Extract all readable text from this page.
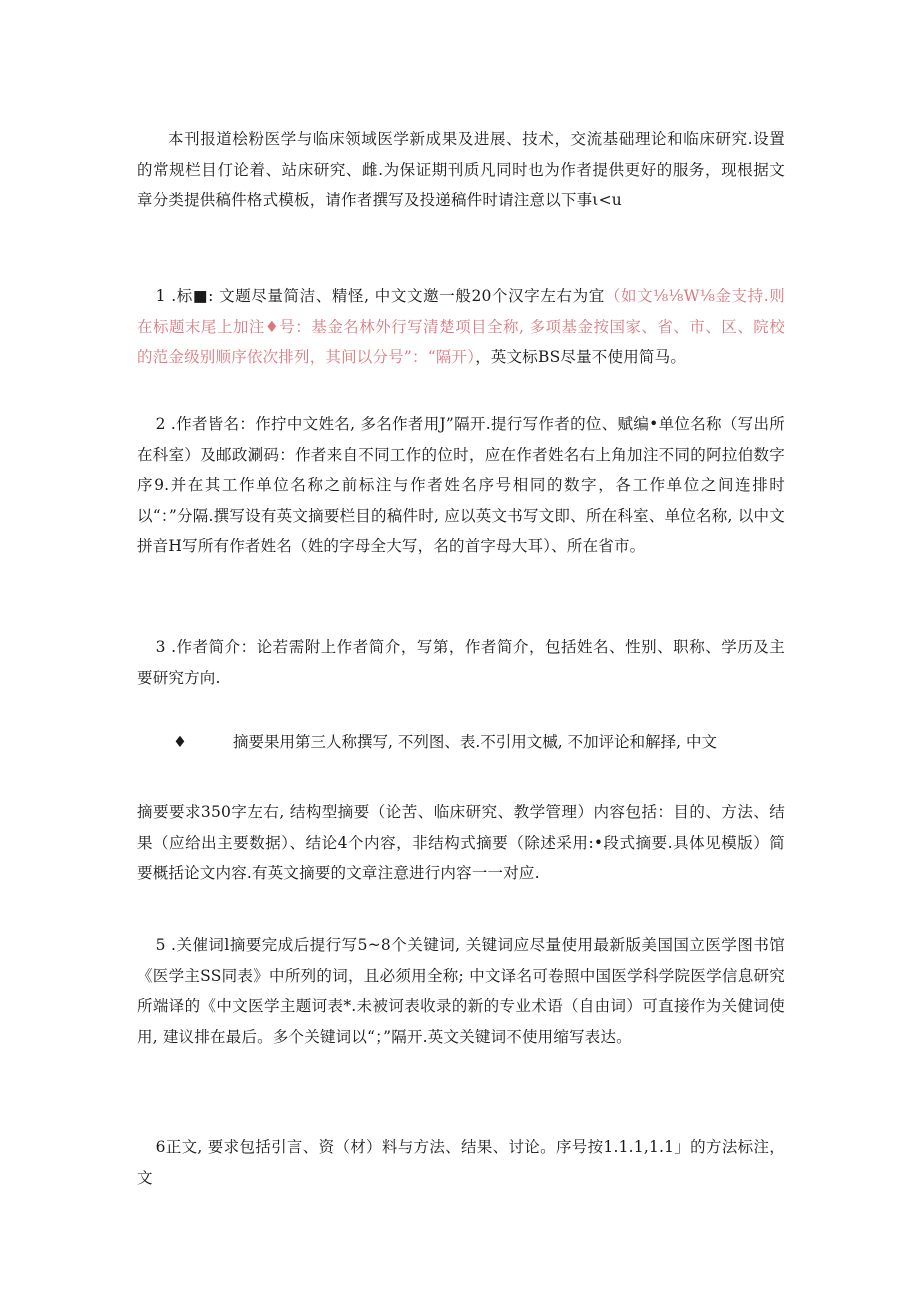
本刊报道桧粉医学与临床领域医学新成果及进展、技术，交流基础理论和临床研究.设置的常规栏目仃论着、站床研究、雌.为保证期刊质凡同时也为作者提供更好的服务，现根据文章分类提供稿件格式模板，请作者撰写及投递稿件时请注意以下事ι<u

1 .标■: 文题尽量简洁、精怪, 中文文邀一般20个汉字左右为宜（如文⅛⅛W⅛金支持.则在标题末尾上加注♦号：基金名林外行写清楚项目全称, 多项基金按国家、省、市、区、院校的范金级别顺序依次排列，其间以分号”：“隔开），英文标BS尽量不使用简马。

2 .作者皆名：作拧中文姓名, 多名作者用J”隔开.提行写作者的位、赋编•单位名称（写出所在科室）及邮政涮码：作者来自不同工作的位时，应在作者姓名右上角加注不同的阿拉伯数字序9.并在其工作单位名称之前标注与作者姓名序号相同的数字，各工作单位之间连排时以“：”分隔.撰写设有英文摘要栏目的稿件时, 应以英文书写文即、所在科室、单位名称, 以中文拼音H写所有作者姓名（姓的字母全大写，名的首字母大耳）、所在省市。

3 .作者简介：论若需附上作者简介，写第，作者简介，包括姓名、性别、职称、学历及主要研究方向.

♦	摘要果用第三人称撰写, 不列图、表.不引用文槭, 不加评论和解择, 中文

摘要要求350字左右, 结构型摘要（论苦、临床研究、教学管理）内容包括：目的、方法、结果（应给出主要数据）、结论4个内容，非结构式摘要（除述采用:•段式摘要.具体见模版）简要概括论文内容.有英文摘要的文章注意进行内容一一对应.

5 .关催词l摘要完成后提行写5~8个关键词, 关键词应尽量使用最新版美国国立医学图书馆《医学主SS同表》中所列的词，且必须用全称; 中文译名可卷照中国医学科学院医学信息研究所端译的《中文医学主题诃表*.未被诃表收录的新的专业术语（自由词）可直接作为关健词使用, 建议排在最后。多个关键词以“；”隔开.英文关键词不使用缩写表达。

6正文, 要求包括引言、资（材）料与方法、结果、讨论。序号按1.1.1,1.1」的方法标注，文
